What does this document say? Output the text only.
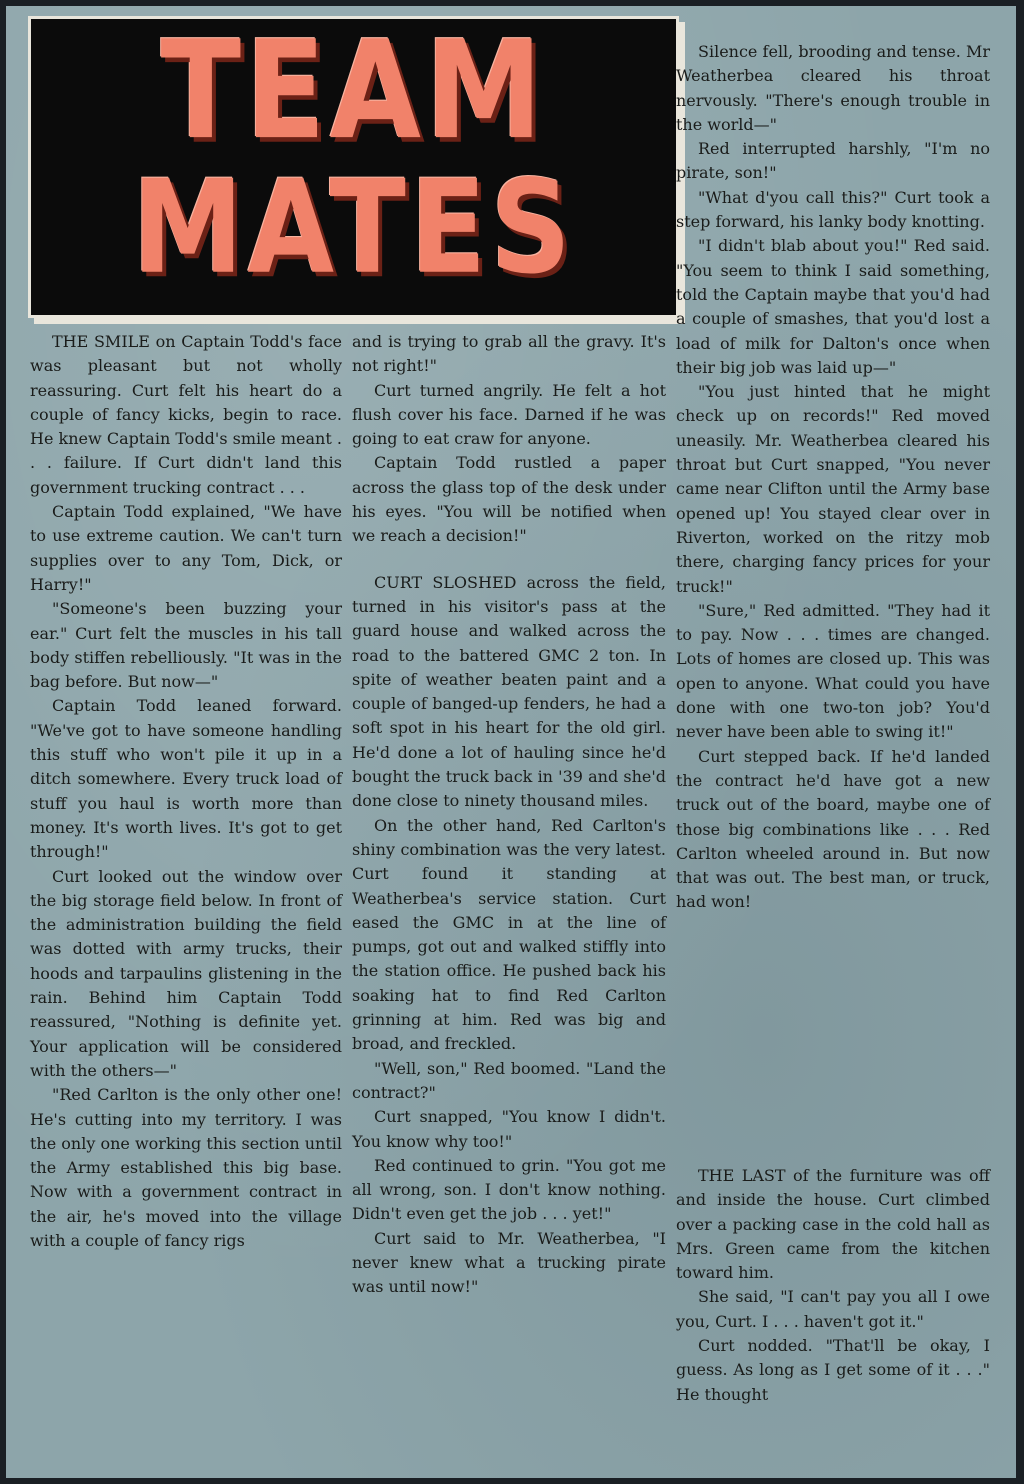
TEAM
MATES

THE SMILE on Captain Todd's face was pleasant but not wholly reassuring. Curt felt his heart do a couple of fancy kicks, begin to race. He knew Captain Todd's smile meant . . . failure. If Curt didn't land this government trucking contract . . .

Captain Todd explained, "We have to use extreme caution. We can't turn supplies over to any Tom, Dick, or Harry!"

"Someone's been buzzing your ear." Curt felt the muscles in his tall body stiffen rebelliously. "It was in the bag before. But now—"

Captain Todd leaned forward. "We've got to have someone handling this stuff who won't pile it up in a ditch somewhere. Every truck load of stuff you haul is worth more than money. It's worth lives. It's got to get through!"

Curt looked out the window over the big storage field below. In front of the administration building the field was dotted with army trucks, their hoods and tarpaulins glistening in the rain. Behind him Captain Todd reassured, "Nothing is definite yet. Your application will be considered with the others—"

"Red Carlton is the only other one! He's cutting into my territory. I was the only one working this section until the Army established this big base. Now with a government contract in the air, he's moved into the village with a couple of fancy rigs

and is trying to grab all the gravy. It's not right!"

Curt turned angrily. He felt a hot flush cover his face. Darned if he was going to eat craw for anyone.

Captain Todd rustled a paper across the glass top of the desk under his eyes. "You will be notified when we reach a decision!"

CURT SLOSHED across the field, turned in his visitor's pass at the guard house and walked across the road to the battered GMC 2 ton. In spite of weather beaten paint and a couple of banged-up fenders, he had a soft spot in his heart for the old girl. He'd done a lot of hauling since he'd bought the truck back in '39 and she'd done close to ninety thousand miles.

On the other hand, Red Carlton's shiny combination was the very latest. Curt found it standing at Weatherbea's service station. Curt eased the GMC in at the line of pumps, got out and walked stiffly into the station office. He pushed back his soaking hat to find Red Carlton grinning at him. Red was big and broad, and freckled.

"Well, son," Red boomed. "Land the contract?"

Curt snapped, "You know I didn't. You know why too!"

Red continued to grin. "You got me all wrong, son. I don't know nothing. Didn't even get the job . . . yet!"

Curt said to Mr. Weatherbea, "I never knew what a trucking pirate was until now!"

Silence fell, brooding and tense. Mr Weatherbea cleared his throat nervously. "There's enough trouble in the world—"

Red interrupted harshly, "I'm no pirate, son!"

"What d'you call this?" Curt took a step forward, his lanky body knotting.

"I didn't blab about you!" Red said. "You seem to think I said something, told the Captain maybe that you'd had a couple of smashes, that you'd lost a load of milk for Dalton's once when their big job was laid up—"

"You just hinted that he might check up on records!" Red moved uneasily. Mr. Weatherbea cleared his throat but Curt snapped, "You never came near Clifton until the Army base opened up! You stayed clear over in Riverton, worked on the ritzy mob there, charging fancy prices for your truck!"

"Sure," Red admitted. "They had it to pay. Now . . . times are changed. Lots of homes are closed up. This was open to anyone. What could you have done with one two-ton job? You'd never have been able to swing it!"

Curt stepped back. If he'd landed the contract he'd have got a new truck out of the board, maybe one of those big combinations like . . . Red Carlton wheeled around in. But now that was out. The best man, or truck, had won!

THE LAST of the furniture was off and inside the house. Curt climbed over a packing case in the cold hall as Mrs. Green came from the kitchen toward him.

She said, "I can't pay you all I owe you, Curt. I . . . haven't got it."

Curt nodded. "That'll be okay, I guess. As long as I get some of it . . ." He thought
